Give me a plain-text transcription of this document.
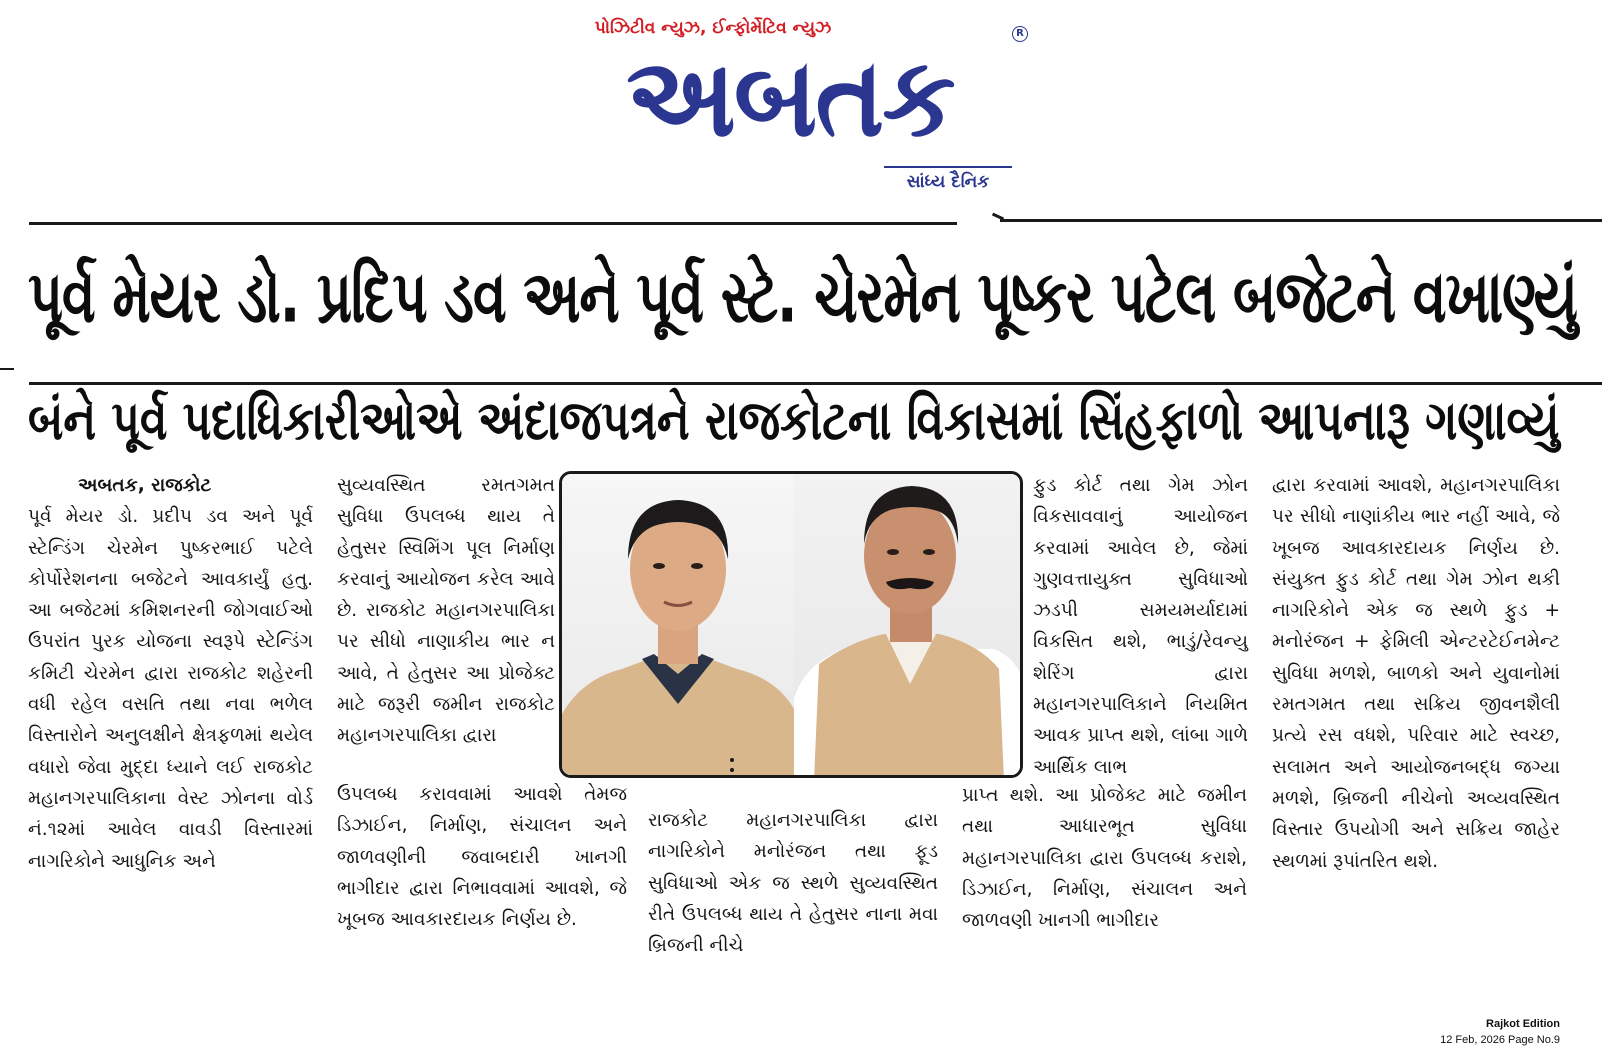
પોઝિટીવ ન્યુઝ, ઈન્ફોર્મેટિવ ન્યુઝ
અબતક	R
સાંધ્ય દૈનિક
પૂર્વ મેયર ડો. પ્રદિપ ડવ અને પૂર્વ સ્ટે. ચેરમેન પૂષ્કર પટેલ બજેટને વખાણ્યું
બંને પૂર્વ પદાધિકારીઓએ અંદાજપત્રને રાજકોટના વિકાસમાં સિંહફાળો આપનારૂ ગણાવ્યું

અબતક, રાજકોટ

પૂર્વ મેયર ડો. પ્રદીપ ડવ અને પૂર્વ સ્ટેન્ડિંગ ચેરમેન પુષ્કરભાઈ પટેલે કોર્પોરેશનના બજેટને આવકાર્યું હતુ. આ બજેટમાં કમિશનરની જોગવાઈઓ ઉપરાંત પુરક યોજના સ્વરૂપે સ્ટેન્ડિંગ કમિટી ચેરમેન દ્વારા રાજકોટ શહેરની વધી રહેલ વસતિ તથા નવા ભળેલ વિસ્તારોને અનુલક્ષીને ક્ષેત્રફળમાં થયેલ વધારો જેવા મુદ્દા ધ્યાને લઈ રાજકોટ મહાનગરપાલિકાના વેસ્ટ ઝોનના વોર્ડ નં.૧૨માં આવેલ વાવડી વિસ્તારમાં નાગરિકોને આધુનિક અને

સુવ્યવસ્થિત રમતગમત સુવિધા ઉપલબ્ધ થાય તે હેતુસર સ્વિમિંગ પૂલ નિર્માણ કરવાનું આયોજન કરેલ આવે છે. રાજકોટ મહાનગરપાલિકા પર સીધો નાણાકીય ભાર ન આવે, તે હેતુસર આ પ્રોજેક્ટ માટે જરૂરી જમીન રાજકોટ મહાનગરપાલિકા દ્વારા

ઉપલબ્ધ કરાવવામાં આવશે તેમજ ડિઝાઈન, નિર્માણ, સંચાલન અને જાળવણીની જવાબદારી ખાનગી ભાગીદાર દ્વારા નિભાવવામાં આવશે, જે ખૂબજ આવકારદાયક નિર્ણય છે.

રાજકોટ મહાનગરપાલિકા દ્વારા નાગરિકોને મનોરંજન તથા ફૂડ સુવિધાઓ એક જ સ્થળે સુવ્યવસ્થિત રીતે ઉપલબ્ધ થાય તે હેતુસર નાના મવા બ્રિજની નીચે

ફુડ કોર્ટ તથા ગેમ ઝોન વિકસાવવાનું આયોજન કરવામાં આવેલ છે, જેમાં ગુણવત્તાયુક્ત સુવિધાઓ ઝડપી સમયમર્યાદામાં વિકસિત થશે, ભાડું/રેવન્યુ શેરિંગ દ્વારા મહાનગરપાલિકાને નિયમિત આવક પ્રાપ્ત થશે, લાંબા ગાળે આર્થિક લાભ

પ્રાપ્ત થશે. આ પ્રોજેક્ટ માટે જમીન તથા આધારભૂત સુવિધા મહાનગરપાલિકા દ્વારા ઉપલબ્ધ કરાશે, ડિઝાઈન, નિર્માણ, સંચાલન અને જાળવણી ખાનગી ભાગીદાર

દ્વારા કરવામાં આવશે, મહાનગરપાલિકા પર સીધો નાણાંકીય ભાર નહીં આવે, જે ખૂબજ આવકારદાયક નિર્ણય છે. સંયુક્ત ફુડ કોર્ટ તથા ગેમ ઝોન થકી નાગરિકોને એક જ સ્થળે ફુડ + મનોરંજન + ફેમિલી એન્ટરટેઈનમેન્ટ સુવિધા મળશે, બાળકો અને યુવાનોમાં રમતગમત તથા સક્રિય જીવનશૈલી પ્રત્યે રસ વધશે, પરિવાર માટે સ્વચ્છ, સલામત અને આયોજનબદ્ધ જગ્યા મળશે, બ્રિજની નીચેનો અવ્યવસ્થિત વિસ્તાર ઉપયોગી અને સક્રિય જાહેર સ્થળમાં રૂપાંતરિત થશે.

Rajkot Edition
12 Feb, 2026 Page No.9
